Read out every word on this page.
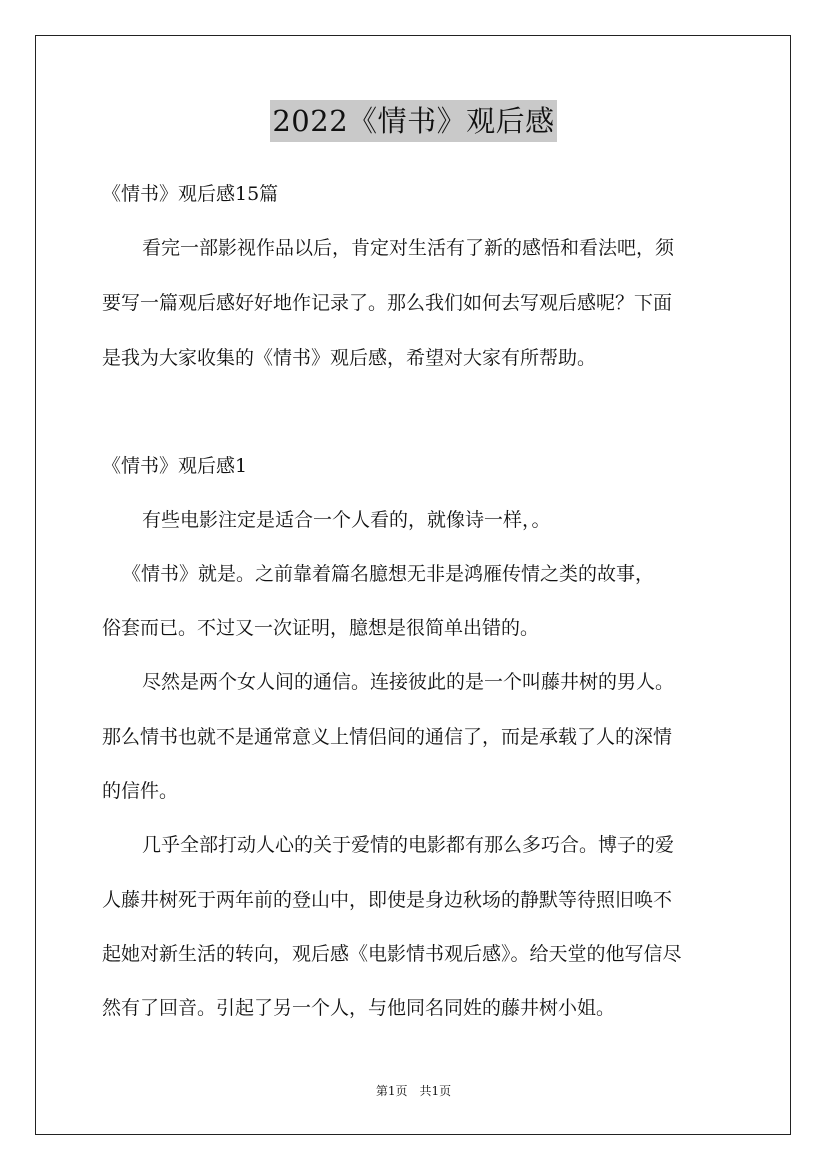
2022《情书》观后感
《情书》观后感15篇
看完一部影视作品以后，肯定对生活有了新的感悟和看法吧，须
要写一篇观后感好好地作记录了。那么我们如何去写观后感呢？下面
是我为大家收集的《情书》观后感，希望对大家有所帮助。
《情书》观后感1
有些电影注定是适合一个人看的，就像诗一样，。
《情书》就是。之前靠着篇名臆想无非是鸿雁传情之类的故事，
俗套而已。不过又一次证明，臆想是很简单出错的。
尽然是两个女人间的通信。连接彼此的是一个叫藤井树的男人。
那么情书也就不是通常意义上情侣间的通信了，而是承载了人的深情
的信件。
几乎全部打动人心的关于爱情的电影都有那么多巧合。博子的爱
人藤井树死于两年前的登山中，即使是身边秋场的静默等待照旧唤不
起她对新生活的转向，观后感《电影情书观后感》。给天堂的他写信尽
然有了回音。引起了另一个人，与他同名同姓的藤井树小姐。
第1页　共1页
